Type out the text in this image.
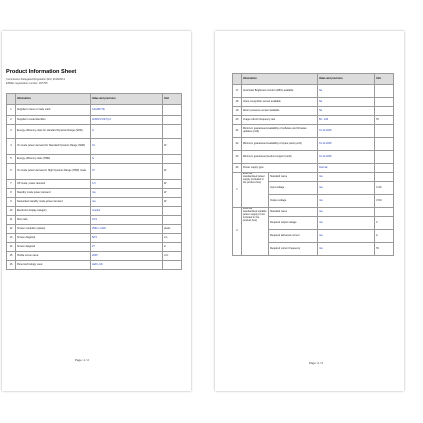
Product Information Sheet
Commission Delegated Regulation (EU) 2019/2013
EPREL registration number: 367755
	Information	Value and precision	Unit
1	Supplier's name or trade mark	GIGABYTE	
2	Supplier's model identifier	AORUS FI27Q-X	
3	Energy efficiency class for standard Dynamic Range (SDR)	G	
4	On mode power demand for Standard Dynamic Range (SDR)	31	W
5	Energy efficiency class (HDR)	G	
6	On mode power demand in High Dynamic Range (HDR) mode	37	W
7	Off mode, power demand	0.3	W
8	Standby mode power demand	n/a	W
9	Networked standby mode power demand	n/a	W
10	Electronic display category	monitor	
11	Size ratio	16:9	
12	Screen resolution (pixels)	2560 x 1440	pixels
13	Screen diagonal	68.5	cm
14	Screen diagonal	27	in
15	Visible screen area	2005	cm²
16	Panel technology used	LED LCD	
Page: 1 / 2
	Information		Value and precision	Unit
17	Automatic Brightness Control (ABC) available		No	
18	Voice recognition sensor available		No	
19	Room presence sensor available		No	
20	Image refresh frequency rate		60 - 240	Hz
21	Minimum guaranteed availability of software and firmware updates (until)		31.12.2025	
22	Minimum guaranteed availability of spare parts (until)		31.12.2025	
23	Minimum guaranteed product support (until)		31.12.2025	
24	Power supply type:		Internal	
1	External standardised power supply (included in the product box)	Standard name	n/a	
		Input voltage	n/a	V AC
		Output voltage	n/a	V DC
2	External standardised suitable power supply (if not included in the product box)	Standard name	n/a	
		Required output voltage	n/a	V
		Required delivered current	n/a	A
		Required current frequency	n/a	Hz
Page: 2 / 2
